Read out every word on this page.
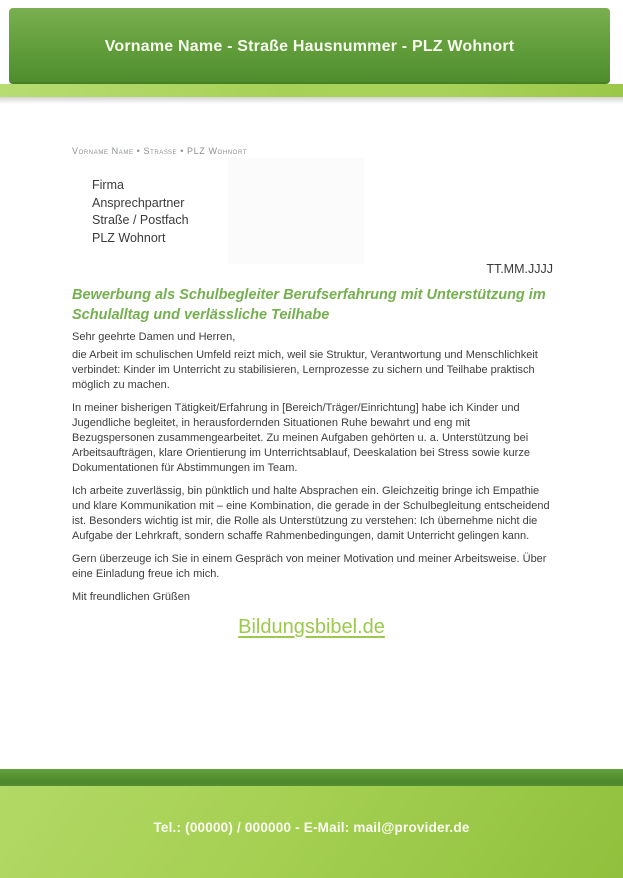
Vorname Name - Straße Hausnummer - PLZ Wohnort
Vorname Name • Straße • PLZ Wohnort
Firma
Ansprechpartner
Straße / Postfach
PLZ Wohnort
TT.MM.JJJJ
Bewerbung als Schulbegleiter Berufserfahrung mit Unterstützung im Schulalltag und verlässliche Teilhabe

Sehr geehrte Damen und Herren,

die Arbeit im schulischen Umfeld reizt mich, weil sie Struktur, Verantwortung und Menschlichkeit verbindet: Kinder im Unterricht zu stabilisieren, Lernprozesse zu sichern und Teilhabe praktisch möglich zu machen.

In meiner bisherigen Tätigkeit/Erfahrung in [Bereich/Träger/Einrichtung] habe ich Kinder und Jugendliche begleitet, in herausfordernden Situationen Ruhe bewahrt und eng mit Bezugspersonen zusammengearbeitet. Zu meinen Aufgaben gehörten u. a. Unterstützung bei Arbeitsaufträgen, klare Orientierung im Unterrichtsablauf, Deeskalation bei Stress sowie kurze Dokumentationen für Abstimmungen im Team.

Ich arbeite zuverlässig, bin pünktlich und halte Absprachen ein. Gleichzeitig bringe ich Empathie und klare Kommunikation mit – eine Kombination, die gerade in der Schulbegleitung entscheidend ist. Besonders wichtig ist mir, die Rolle als Unterstützung zu verstehen: Ich übernehme nicht die Aufgabe der Lehrkraft, sondern schaffe Rahmenbedingungen, damit Unterricht gelingen kann.

Gern überzeuge ich Sie in einem Gespräch von meiner Motivation und meiner Arbeitsweise. Über eine Einladung freue ich mich.

Mit freundlichen Grüßen

Bildungsbibel.de
Tel.: (00000) / 000000 - E-Mail: mail@provider.de
